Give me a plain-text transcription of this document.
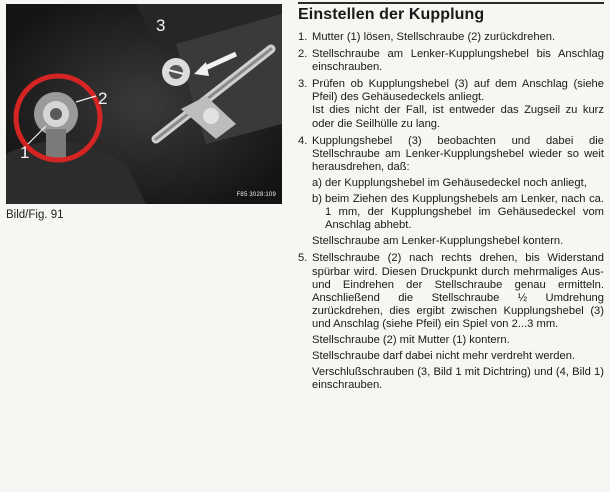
2
1
3
F85 3028:109
Bild/Fig. 91
Einstellen der Kupplung
1. Mutter (1) lösen, Stellschraube (2) zurückdrehen.

2. Stellschraube am Lenker-Kupplungshebel bis Anschlag einschrauben.

3. Prüfen ob Kupplungshebel (3) auf dem Anschlag (siehe Pfeil) des Gehäusedeckels anliegt.

Ist dies nicht der Fall, ist entweder das Zugseil zu kurz oder die Seilhülle zu lang.

4. Kupplungshebel (3) beobachten und dabei die Stellschraube am Lenker-Kupplungshebel wieder so weit herausdrehen, daß:

a) der Kupplungshebel im Gehäusedeckel noch anliegt,

b) beim Ziehen des Kupplungshebels am Lenker, nach ca. 1 mm, der Kupplungshebel im Gehäusedeckel vom Anschlag abhebt.

Stellschraube am Lenker-Kupplungshebel kontern.

5. Stellschraube (2) nach rechts drehen, bis Widerstand spürbar wird. Diesen Druckpunkt durch mehrmaliges Aus- und Eindrehen der Stellschraube genau ermitteln. Anschließend die Stellschraube ½ Umdrehung zurückdrehen, dies ergibt zwischen Kupplungshebel (3) und Anschlag (siehe Pfeil) ein Spiel von 2...3 mm.

Stellschraube (2) mit Mutter (1) kontern.

Stellschraube darf dabei nicht mehr verdreht werden.

Verschlußschrauben (3, Bild 1 mit Dichtring) und (4, Bild 1) einschrauben.
